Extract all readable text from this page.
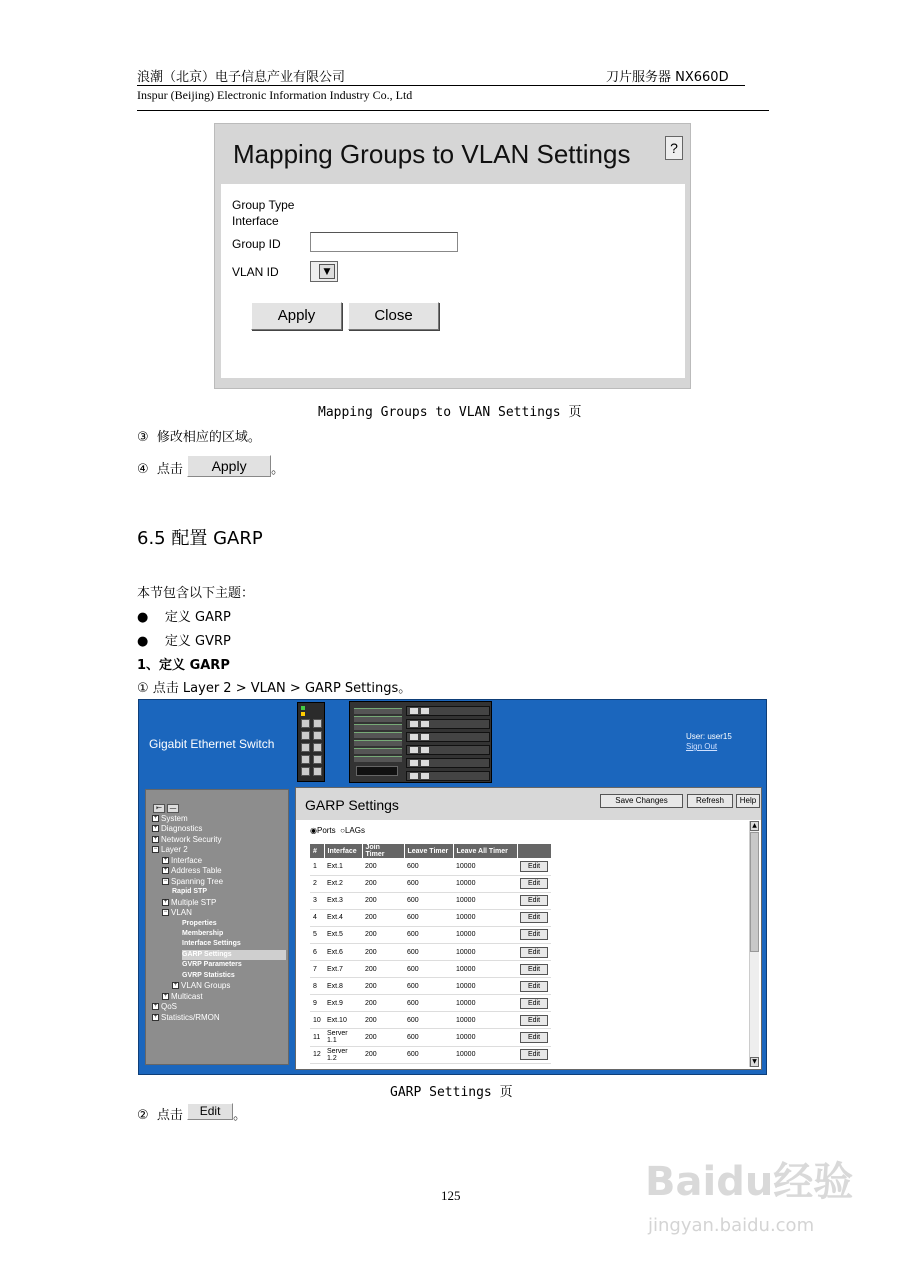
浪潮（北京）电子信息产业有限公司	刀片服务器 NX660D
Inspur (Beijing) Electronic Information Industry Co., Ltd
Mapping Groups to VLAN Settings	?
Group Type
Interface
Group ID
VLAN ID	▼
Apply	Close
Mapping Groups to VLAN Settings 页
③ 修改相应的区域。
④ 点击 Apply 。
6.5 配置 GARP
本节包含以下主题：
●    定义 GARP
●    定义 GVRP
1、定义 GARP
① 点击 Layer 2 > VLAN > GARP Settings。
Gigabit Ethernet Switch
User: user15
Sign Out
⇤ —
+ System
+ Diagnostics
+ Network Security
− Layer 2
+ Interface
+ Address Table
− Spanning Tree
Rapid STP
+ Multiple STP
− VLAN
Properties
Membership
Interface Settings
GARP Settings
GVRP Parameters
GVRP Statistics
+ VLAN Groups
+ Multicast
+ QoS
+ Statistics/RMON
GARP Settings	Save Changes	Refresh	Help
◉Ports  ○LAGs
#	Interface	Join Timer	Leave Timer	Leave All Timer	
1	Ext.1	200	600	10000	Edit
2	Ext.2	200	600	10000	Edit
3	Ext.3	200	600	10000	Edit
4	Ext.4	200	600	10000	Edit
5	Ext.5	200	600	10000	Edit
6	Ext.6	200	600	10000	Edit
7	Ext.7	200	600	10000	Edit
8	Ext.8	200	600	10000	Edit
9	Ext.9	200	600	10000	Edit
10	Ext.10	200	600	10000	Edit
11	Server 1.1	200	600	10000	Edit
12	Server 1.2	200	600	10000	Edit
▲
▼
GARP Settings 页
② 点击 Edit 。
125	Baidu经验
jingyan.baidu.com
